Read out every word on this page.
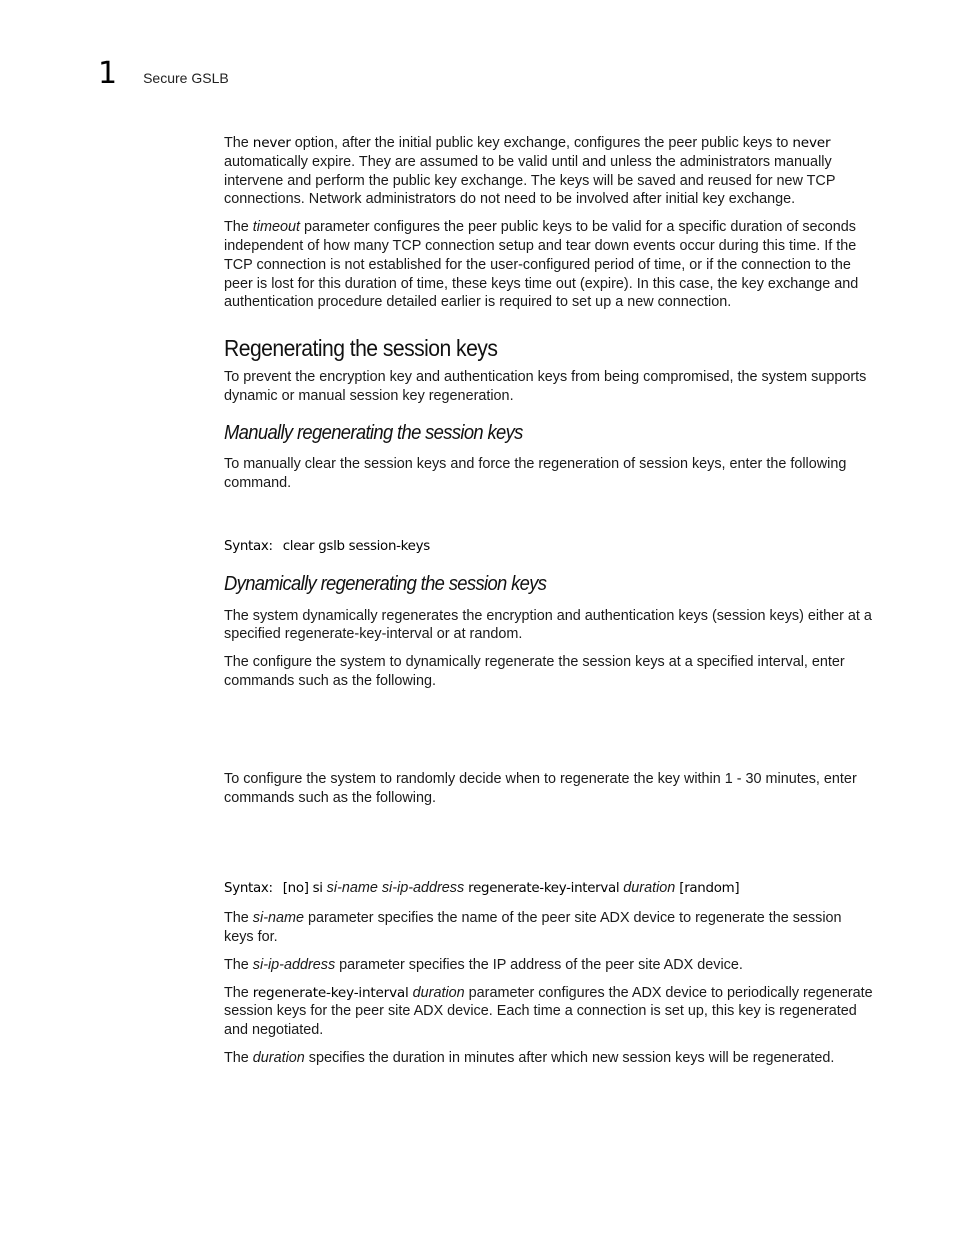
1 Secure GSLB

The never option, after the initial public key exchange, configures the peer public keys to never automatically expire. They are assumed to be valid until and unless the administrators manually intervene and perform the public key exchange. The keys will be saved and reused for new TCP connections. Network administrators do not need to be involved after initial key exchange.

The timeout parameter configures the peer public keys to be valid for a specific duration of seconds independent of how many TCP connection setup and tear down events occur during this time. If the TCP connection is not established for the user-configured period of time, or if the connection to the peer is lost for this duration of time, these keys time out (expire). In this case, the key exchange and authentication procedure detailed earlier is required to set up a new connection.

Regenerating the session keys

To prevent the encryption key and authentication keys from being compromised, the system supports dynamic or manual session key regeneration.

Manually regenerating the session keys

To manually clear the session keys and force the regeneration of session keys, enter the following command.

Syntax: clear gslb session-keys
Dynamically regenerating the session keys

The system dynamically regenerates the encryption and authentication keys (session keys) either at a specified regenerate-key-interval or at random.

The configure the system to dynamically regenerate the session keys at a specified interval, enter commands such as the following.

To configure the system to randomly decide when to regenerate the key within 1 - 30 minutes, enter commands such as the following.

Syntax: [no] si si-name si-ip-address regenerate-key-interval duration [random]

The si-name parameter specifies the name of the peer site ADX device to regenerate the session keys for.

The si-ip-address parameter specifies the IP address of the peer site ADX device.

The regenerate-key-interval duration parameter configures the ADX device to periodically regenerate session keys for the peer site ADX device. Each time a connection is set up, this key is regenerated and negotiated.

The duration specifies the duration in minutes after which new session keys will be regenerated.
